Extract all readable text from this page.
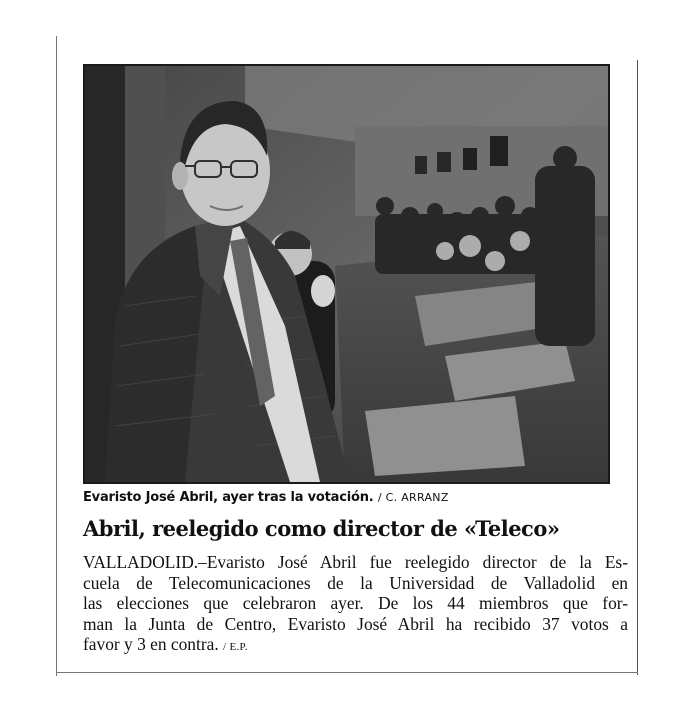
Evaristo José Abril, ayer tras la votación. / C. ARRANZ
Abril, reelegido como director de «Teleco»
VALLADOLID.–Evaristo José Abril fue reelegido director de la Es-
cuela de Telecomunicaciones de la Universidad de Valladolid en
las elecciones que celebraron ayer. De los 44 miembros que for-
man la Junta de Centro, Evaristo José Abril ha recibido 37 votos a
favor y 3 en contra. / E.P.
